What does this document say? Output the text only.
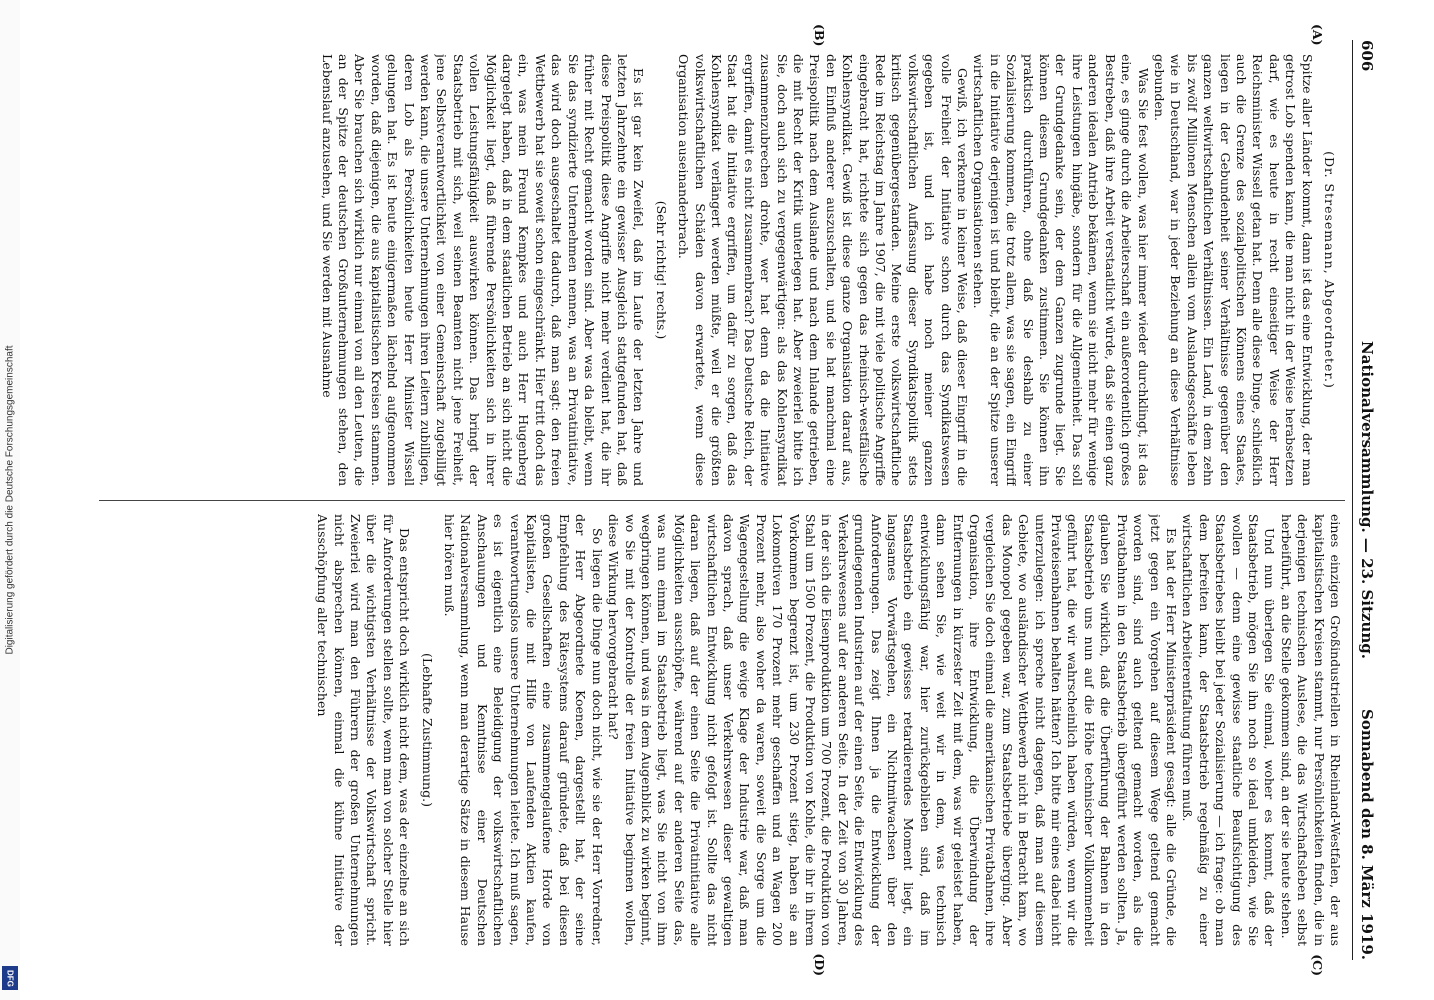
Digitalisierung gefördert durch die Deutsche Forschungsgemeinschaft
DFG
606
Nationalversammlung. — 23. Sitzung.
Sonnabend den 8. März 1919.
(A)
(B)
(C)
(D)

(Dr. Stresemann, Abgeordneter.)

Spitze aller Länder kommt, dann ist das eine Entwicklung, der man getrost Lob spenden kann, die man nicht in der Weise herabsetzen darf, wie es heute in recht einseitiger Weise der Herr Reichsminister Wissell getan hat. Denn alle diese Dinge, schließlich auch die Grenze des sozialpolitischen Könnens eines Staates, liegen in der Gebundenheit seiner Verhältnisse gegenüber den ganzen weltwirtschaftlichen Verhältnissen. Ein Land, in dem zehn bis zwölf Millionen Menschen allein vom Auslandsgeschäfte leben wie in Deutschland, war in jeder Beziehung an diese Verhältnisse gebunden.

Was Sie fest wollen, was hier immer wieder durchklingt, ist das eine, es ginge durch die Arbeiterschaft ein außerordentlich großes Bestreben, daß ihre Arbeit verstaatlicht würde, daß sie einen ganz anderen idealen Antrieb bekämen, wenn sie nicht mehr für wenige ihre Leistungen hingäbe, sondern für die Allgemeinheit. Das soll der Grundgedanke sein, der dem Ganzen zugrunde liegt. Sie können diesem Grundgedanken zustimmen. Sie können ihn praktisch durchführen, ohne daß Sie deshalb zu einer Sozialisierung kommen, die trotz allem, was sie sagen, ein Eingriff in die Initiative derjenigen ist und bleibt, die an der Spitze unserer wirtschaftlichen Organisationen stehen.

Gewiß, ich verkenne in keiner Weise, daß dieser Eingriff in die volle Freiheit der Initiative schon durch das Syndikatswesen gegeben ist, und ich habe noch meiner ganzen volkswirtschaftlichen Auffassung dieser Syndikatspolitik stets kritisch gegenübergestanden. Meine erste volkswirtschaftliche Rede im Reichstag im Jahre 1907, die mit viele politische Angriffe eingebracht hat, richtete sich gegen das rheinisch-westfälische Kohlensyndikat. Gewiß ist diese ganze Organisation darauf aus, den Einfluß anderer auszuschalten, und sie hat manchmal eine Preispolitik nach dem Auslande und nach dem Inlande getrieben, die mit Recht der Kritik unterlegen hat. Aber zweierlei bitte ich Sie, doch auch sich zu vergegenwärtigen: als das Kohlensyndikat zusammenzubrechen drohte, wer hat denn da die Initiative ergriffen, damit es nicht zusammenbrach? Das Deutsche Reich, der Staat hat die Initiative ergriffen, um dafür zu sorgen, daß das Kohlensyndikat verlängert werden müßte, weil er die größten volkswirtschaftlichen Schäden davon erwartete, wenn diese Organisation auseinanderbrach.

(Sehr richtig! rechts.)

Es ist gar kein Zweifel, daß im Laufe der letzten Jahre und letzten Jahrzehnte ein gewisser Ausgleich stattgefunden hat, daß diese Preispolitik diese Angriffe nicht mehr verdient hat, die ihr früher mit Recht gemacht worden sind. Aber was da bleibt, wenn Sie das syndizierte Unternehmen nennen, was an Privatinitiative, das wird doch ausgeschaltet dadurch, daß man sagt: den freien Wettbewerb hat sie soweit schon eingeschränkt. Hier tritt doch das ein, was mein Freund Kempkes und auch Herr Hugenberg dargelegt haben, daß in dem staatlichen Betrieb an sich nicht die Möglichkeit liegt, daß führende Persönlichkeiten sich in ihrer vollen Leistungsfähigkeit auswirken können. Das bringt der Staatsbetrieb mit sich, weil seinen Beamten nicht jene Freiheit, jene Selbstverantwortlichkeit von einer Gemeinschaft zugebilligt werden kann, die unsere Unternehmungen ihren Leitern zubilligen, deren Lob als Persönlichkeiten heute Herr Minister Wissell gelungen hat. Es ist heute einigermaßen lächelnd aufgenommen worden, daß diejenigen, die aus kapitalistischen Kreisen stammen. Aber Sie brauchen sich wirklich nur einmal von all den Leuten, die an der Spitze der deutschen Großunternehmungen stehen, den Lebenslauf anzusehen, und Sie werden mit Ausnahme

eines einzigen Großindustriellen in Rheinland-Westfalen, der aus kapitalistischen Kreisen stammt, nur Persönlichkeiten finden, die in derjenigen technischen Auslese, die das Wirtschaftsleben selbst herbeiführt, an die Stelle gekommen sind, an der sie heute stehen.

Und nun überlegen Sie einmal, woher es kommt, daß der Staatsbetrieb, mögen Sie ihn noch so ideal umkleiden, wie Sie wollen — denn eine gewisse staatliche Beaufsichtigung des Staatsbetriebes bleibt bei jeder Sozialisierung — ich frage: ob man dem befreiten kann, der Staatsbetrieb regelmäßig zu einer wirtschaftlichen Arbeiterentfaltung führen muß.

Es hat der Herr Ministerpräsident gesagt: alle die Gründe, die jetzt gegen ein Vorgehen auf diesem Wege geltend gemacht worden sind, sind auch geltend gemacht worden, als die Privatbahnen in den Staatsbetrieb übergeführt werden sollten. Ja, glauben Sie wirklich, daß die Überführung der Bahnen in den Staatsbetrieb uns nun auf die Höhe technischer Vollkommenheit geführt hat, die wir wahrscheinlich haben würden, wenn wir die Privateisenbahnen behalten hätten? Ich bitte mir eines dabei nicht unterzulegen: ich spreche nicht dagegen, daß man auf diesem Gebiete, wo ausländischer Wettbewerb nicht in Betracht kam, wo das Monopol gegeben war, zum Staatsbetriebe überging. Aber vergleichen Sie doch einmal die amerikanischen Privatbahnen, ihre Organisation, ihre Entwicklung, die Überwindung der Entfernungen in kürzester Zeit mit dem, was wir geleistet haben, dann sehen Sie, wie weit wir in dem, was technisch entwicklungsfähig war, hier zurückgeblieben sind, daß im Staatsbetrieb ein gewisses retardierendes Moment liegt, ein langsames Vorwärtsgehen, ein Nichtmitwachsen über den Anforderungen. Das zeigt Ihnen ja die Entwicklung der grundlegenden Industrien auf der einen Seite, die Entwicklung des Verkehrswesens auf der anderen Seite. In der Zeit von 30 Jahren, in der sich die Eisenproduktion um 700 Prozent, die Produktion von Stahl um 1500 Prozent, die Produktion von Kohle, die ihr in ihrem Vorkommen begrenzt ist, um 230 Prozent stieg, haben sie an Lokomotiven 170 Prozent mehr geschaffen und an Wagen 200 Prozent mehr, also woher da waren, soweit die Sorge um die Wagengestellung die ewige Klage der Industrie war, daß man davon sprach, daß unser Verkehrswesen dieser gewaltigen wirtschaftlichen Entwicklung nicht gefolgt ist. Sollte das nicht daran liegen, daß auf der einen Seite die Privatinitiative alle Möglichkeiten ausschöpfte, während auf der anderen Seite das, was nun einmal im Staatsbetrieb liegt, was Sie nicht von ihm wegbringen können, und was in dem Augenblick zu wirken beginnt, wo Sie mit der Kontrolle der freien Initiative beginnen wollen, diese Wirkung hervorgebracht hat?

So liegen die Dinge nun doch nicht, wie sie der Herr Vorredner, der Herr Abgeordnete Koenen, dargestellt hat, der seine Empfehlung des Rätesystems darauf gründete, daß bei diesen großen Gesellschaften eine zusammengelaufene Horde von Kapitalisten, die mit Hilfe von Laufenden Aktien kaufen, verantwortungslos unsere Unternehmungen leitete. Ich muß sagen, es ist eigentlich eine Beleidigung der volkswirtschaftlichen Anschauungen und Kenntnisse einer Deutschen Nationalversammlung, wenn man derartige Sätze in diesem Hause hier hören muß.

(Lebhafte Zustimmung.)

Das entspricht doch wirklich nicht dem, was der einzelne an sich für Anforderungen stellen sollte, wenn man von solcher Stelle hier über die wichtigsten Verhältnisse der Volkswirtschaft spricht. Zweierlei wird man den Führern der großen Unternehmungen nicht absprechen können, einmal die kühne Initiative der Ausschöpfung aller technischen
